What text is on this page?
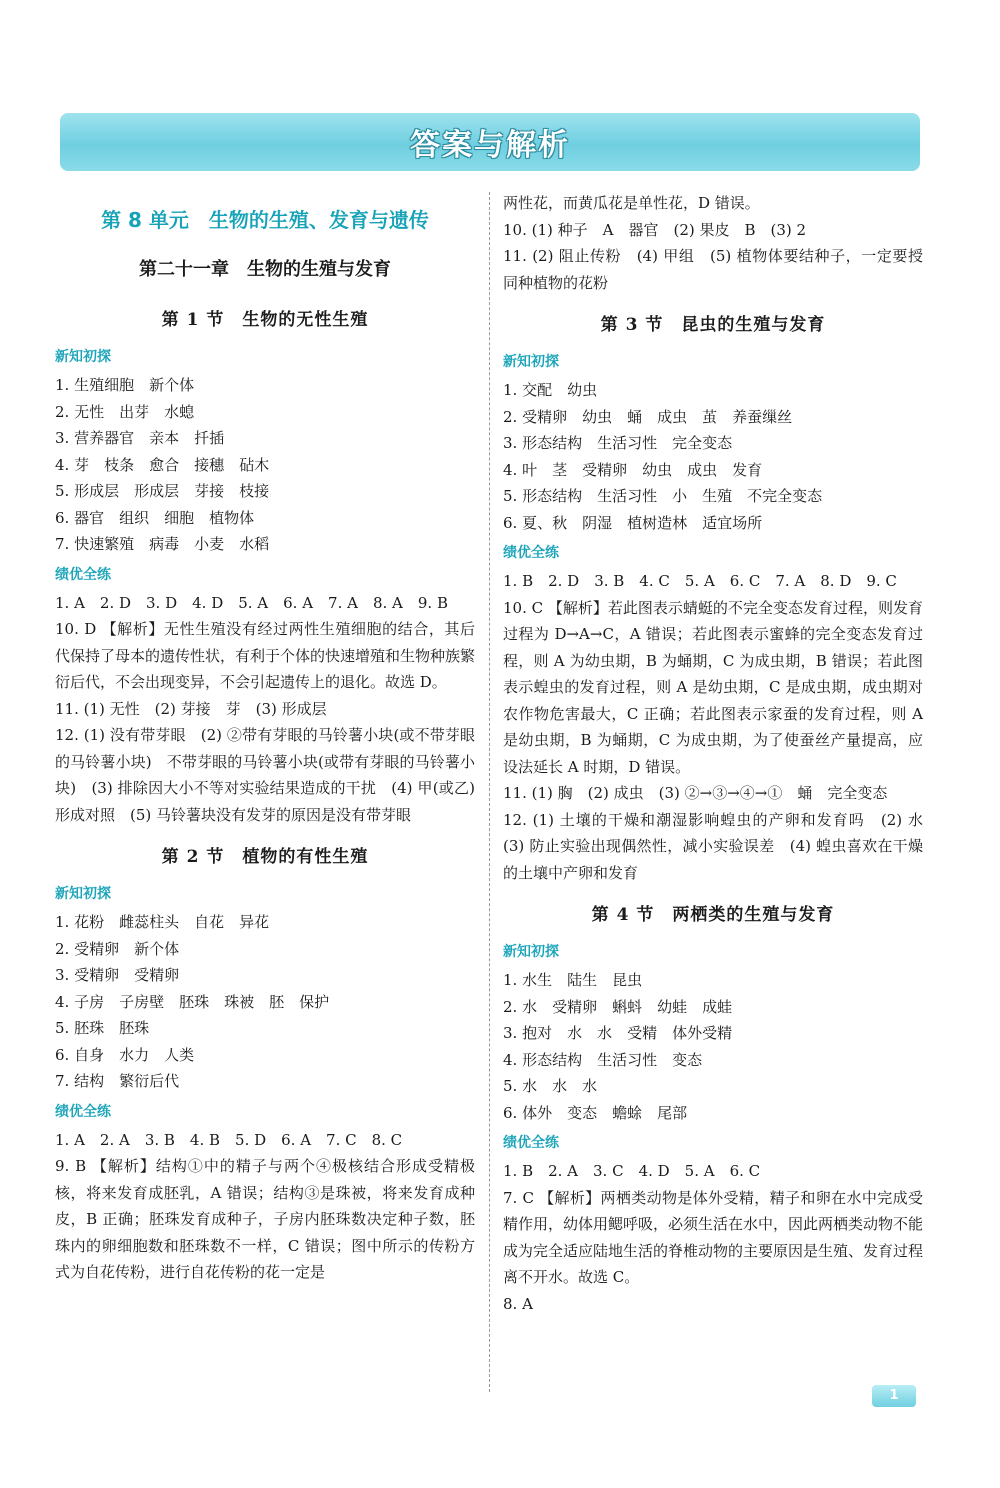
答案与解析
第 8 单元　生物的生殖、发育与遗传
第二十一章　生物的生殖与发育
第 1 节　生物的无性生殖
新知初探
1. 生殖细胞　新个体
2. 无性　出芽　水螅
3. 营养器官　亲本　扦插
4. 芽　枝条　愈合　接穗　砧木
5. 形成层　形成层　芽接　枝接
6. 器官　组织　细胞　植物体
7. 快速繁殖　病毒　小麦　水稻
绩优全练
1. A　2. D　3. D　4. D　5. A　6. A　7. A　8. A　9. B
10. D 【解析】无性生殖没有经过两性生殖细胞的结合，其后代保持了母本的遗传性状，有利于个体的快速增殖和生物种族繁衍后代，不会出现变异，不会引起遗传上的退化。故选 D。
11. (1) 无性　(2) 芽接　芽　(3) 形成层
12. (1) 没有带芽眼　(2) ②带有芽眼的马铃薯小块(或不带芽眼的马铃薯小块)　不带芽眼的马铃薯小块(或带有芽眼的马铃薯小块)　(3) 排除因大小不等对实验结果造成的干扰　(4) 甲(或乙)　形成对照　(5) 马铃薯块没有发芽的原因是没有带芽眼
第 2 节　植物的有性生殖
新知初探
1. 花粉　雌蕊柱头　自花　异花
2. 受精卵　新个体
3. 受精卵　受精卵
4. 子房　子房壁　胚珠　珠被　胚　保护
5. 胚珠　胚珠
6. 自身　水力　人类
7. 结构　繁衍后代
绩优全练
1. A　2. A　3. B　4. B　5. D　6. A　7. C　8. C
9. B 【解析】结构①中的精子与两个④极核结合形成受精极核，将来发育成胚乳，A 错误；结构③是珠被，将来发育成种皮，B 正确；胚珠发育成种子，子房内胚珠数决定种子数，胚珠内的卵细胞数和胚珠数不一样，C 错误；图中所示的传粉方式为自花传粉，进行自花传粉的花一定是
两性花，而黄瓜花是单性花，D 错误。
10. (1) 种子　A　器官　(2) 果皮　B　(3) 2
11. (2) 阻止传粉　(4) 甲组　(5) 植物体要结种子，一定要授同种植物的花粉
第 3 节　昆虫的生殖与发育
新知初探
1. 交配　幼虫
2. 受精卵　幼虫　蛹　成虫　茧　养蚕缫丝
3. 形态结构　生活习性　完全变态
4. 叶　茎　受精卵　幼虫　成虫　发育
5. 形态结构　生活习性　小　生殖　不完全变态
6. 夏、秋　阴湿　植树造林　适宜场所
绩优全练
1. B　2. D　3. B　4. C　5. A　6. C　7. A　8. D　9. C
10. C 【解析】若此图表示蜻蜓的不完全变态发育过程，则发育过程为 D→A→C，A 错误；若此图表示蜜蜂的完全变态发育过程，则 A 为幼虫期，B 为蛹期，C 为成虫期，B 错误；若此图表示蝗虫的发育过程，则 A 是幼虫期，C 是成虫期，成虫期对农作物危害最大，C 正确；若此图表示家蚕的发育过程，则 A 是幼虫期，B 为蛹期，C 为成虫期，为了使蚕丝产量提高，应设法延长 A 时期，D 错误。
11. (1) 胸　(2) 成虫　(3) ②→③→④→①　蛹　完全变态
12. (1) 土壤的干燥和潮湿影响蝗虫的产卵和发育吗　(2) 水　(3) 防止实验出现偶然性，减小实验误差　(4) 蝗虫喜欢在干燥的土壤中产卵和发育
第 4 节　两栖类的生殖与发育
新知初探
1. 水生　陆生　昆虫
2. 水　受精卵　蝌蚪　幼蛙　成蛙
3. 抱对　水　水　受精　体外受精
4. 形态结构　生活习性　变态
5. 水　水　水
6. 体外　变态　蟾蜍　尾部
绩优全练
1. B　2. A　3. C　4. D　5. A　6. C
7. C 【解析】两栖类动物是体外受精，精子和卵在水中完成受精作用，幼体用鳃呼吸，必须生活在水中，因此两栖类动物不能成为完全适应陆地生活的脊椎动物的主要原因是生殖、发育过程离不开水。故选 C。
8. A
1
